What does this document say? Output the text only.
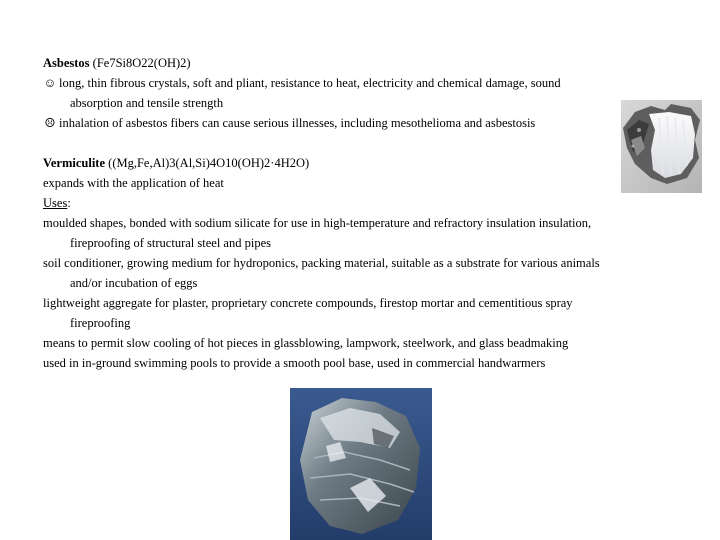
Asbestos (Fe7Si8O22(OH)2)
☺ long, thin fibrous crystals, soft and pliant, resistance to heat, electricity and chemical damage, sound
absorption and tensile strength
☹ inhalation of asbestos fibers can cause serious illnesses, including mesothelioma and asbestosis
Vermiculite ((Mg,Fe,Al)3(Al,Si)4O10(OH)2·4H2O)
expands with the application of heat
Uses:
moulded shapes, bonded with sodium silicate for use in high-temperature and refractory insulation insulation,
fireproofing of structural steel and pipes
soil conditioner, growing medium for hydroponics, packing material, suitable as a substrate for various animals
and/or incubation of eggs
lightweight aggregate for plaster, proprietary concrete compounds, firestop mortar and cementitious spray
fireproofing
means to permit slow cooling of hot pieces in glassblowing, lampwork, steelwork, and glass beadmaking
used in in-ground swimming pools to provide a smooth pool base, used in commercial handwarmers
